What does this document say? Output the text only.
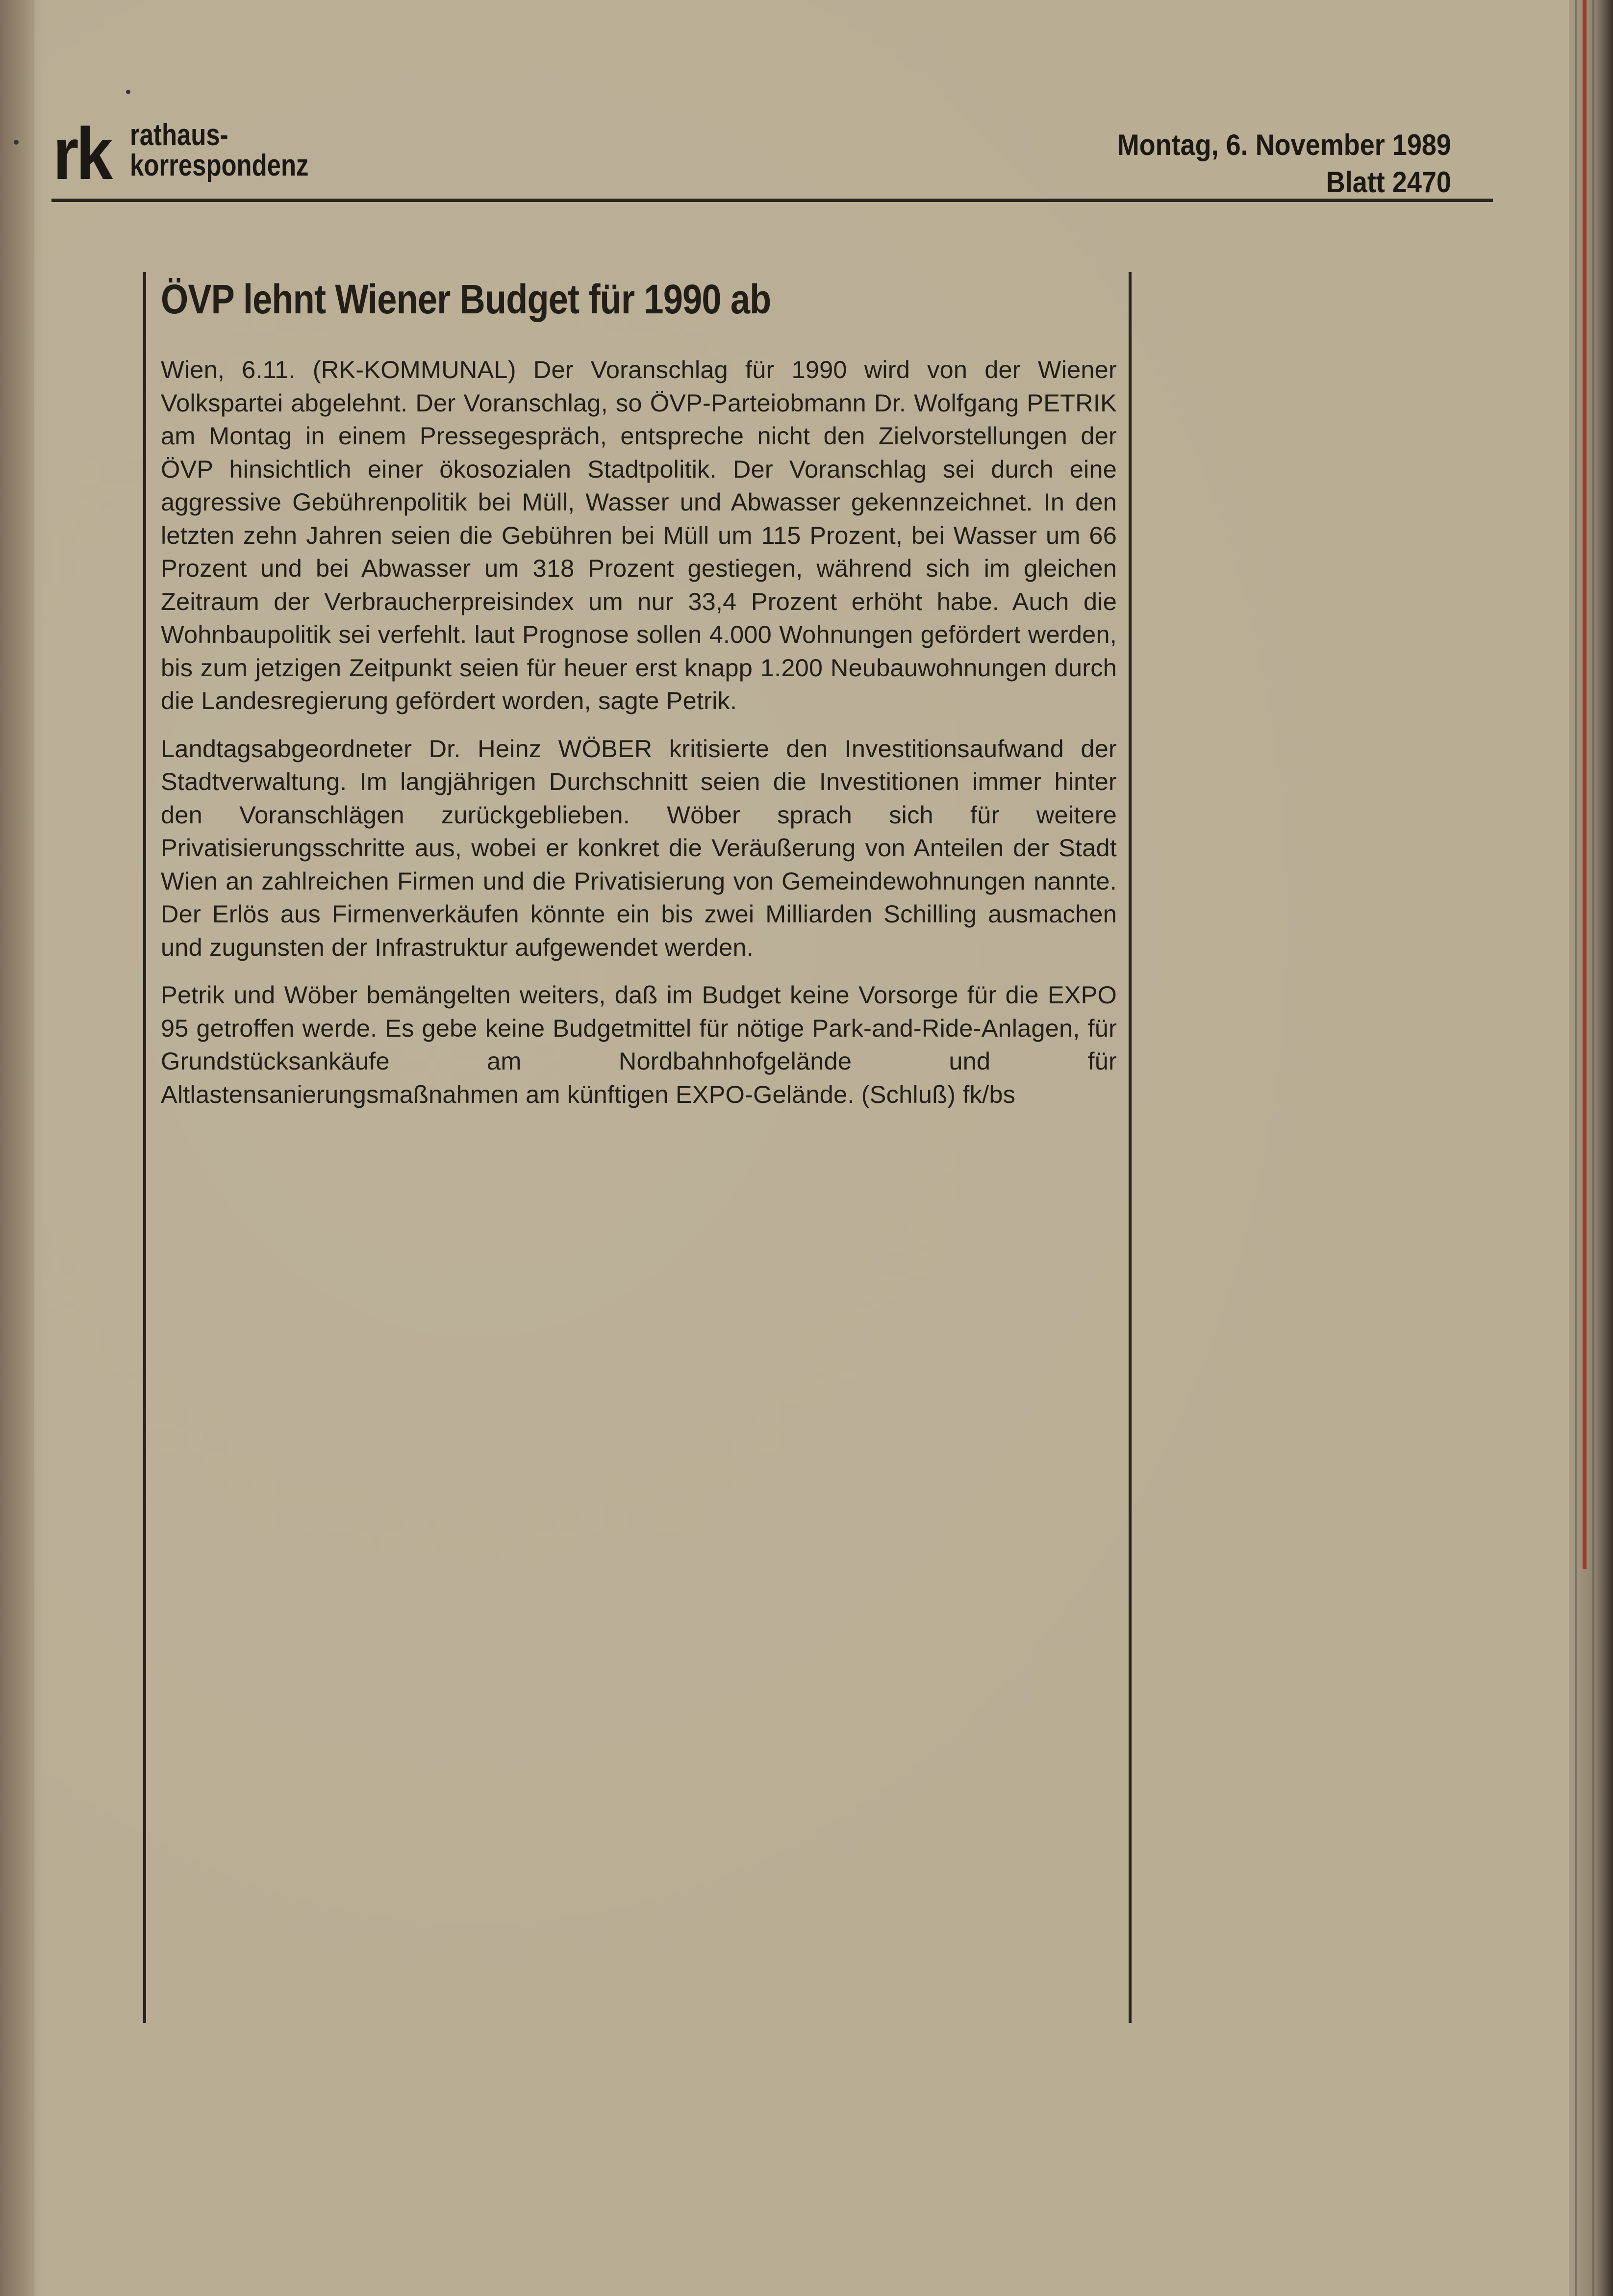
rk rathaus-
korrespondenz
Montag, 6. November 1989
Blatt 2470
ÖVP lehnt Wiener Budget für 1990 ab

Wien, 6.11. (RK-KOMMUNAL) Der Voranschlag für 1990 wird von der Wiener Volkspartei abgelehnt. Der Voranschlag, so ÖVP-Parteiobmann Dr. Wolfgang PETRIK am Montag in einem Pressegespräch, entspreche nicht den Zielvorstellungen der ÖVP hinsichtlich einer ökosozialen Stadtpolitik. Der Voranschlag sei durch eine aggressive Gebührenpolitik bei Müll, Wasser und Abwasser gekennzeichnet. In den letzten zehn Jahren seien die Gebühren bei Müll um 115 Prozent, bei Wasser um 66 Prozent und bei Abwasser um 318 Prozent gestiegen, während sich im gleichen Zeitraum der Verbraucherpreisindex um nur 33,4 Prozent erhöht habe. Auch die Wohnbaupolitik sei verfehlt. laut Prognose sollen 4.000 Wohnungen gefördert werden, bis zum jetzigen Zeitpunkt seien für heuer erst knapp 1.200 Neubauwohnungen durch die Landesregierung gefördert worden, sagte Petrik.

Landtagsabgeordneter Dr. Heinz WÖBER kritisierte den Investitionsaufwand der Stadtverwaltung. Im langjährigen Durchschnitt seien die Investitionen immer hinter den Voranschlägen zurückgeblieben. Wöber sprach sich für weitere Privatisierungsschritte aus, wobei er konkret die Veräußerung von Anteilen der Stadt Wien an zahlreichen Firmen und die Privatisierung von Gemeindewohnungen nannte. Der Erlös aus Firmenverkäufen könnte ein bis zwei Milliarden Schilling ausmachen und zugunsten der Infrastruktur aufgewendet werden.

Petrik und Wöber bemängelten weiters, daß im Budget keine Vorsorge für die EXPO 95 getroffen werde. Es gebe keine Budgetmittel für nötige Park-and-Ride-Anlagen, für Grundstücksankäufe am Nordbahnhofgelände und für Altlastensanierungsmaßnahmen am künftigen EXPO-Gelände. (Schluß) fk/bs
